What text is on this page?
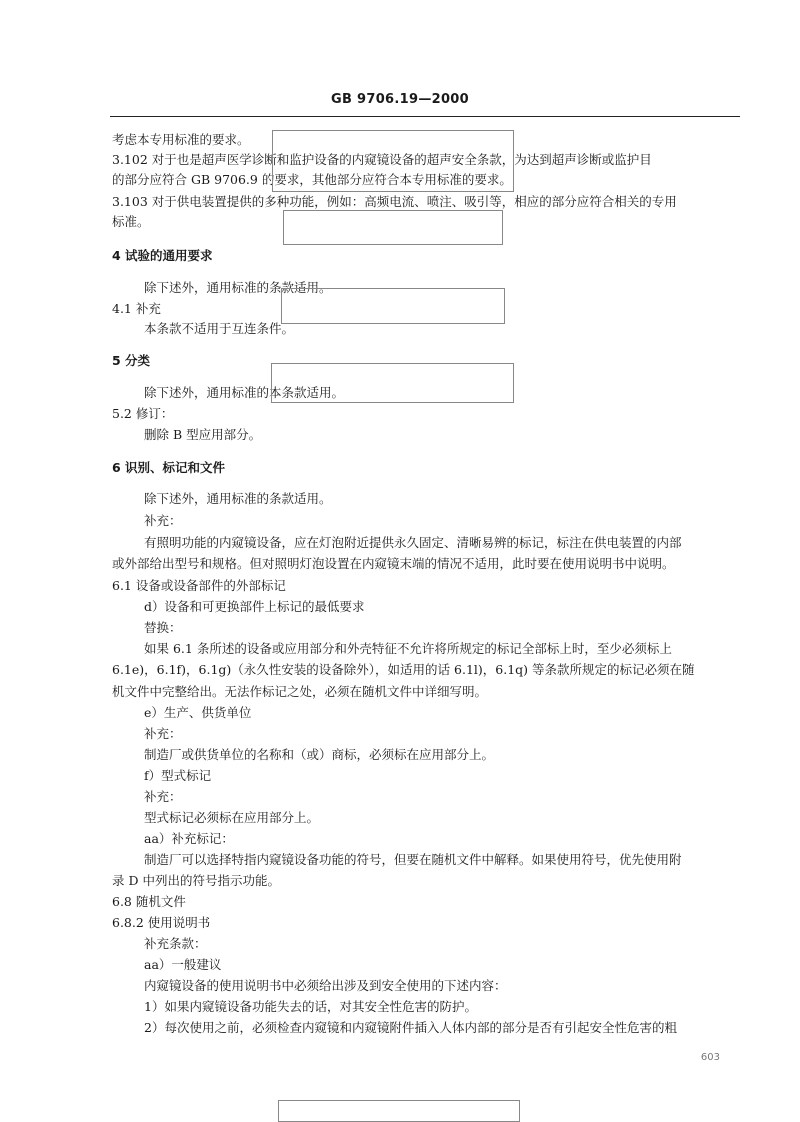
GB 9706.19—2000
考虑本专用标准的要求。
3.102 对于也是超声医学诊断和监护设备的内窥镜设备的超声安全条款，为达到超声诊断或监护目
的部分应符合 GB 9706.9 的要求，其他部分应符合本专用标准的要求。
3.103 对于供电装置提供的多种功能，例如：高频电流、喷注、吸引等，相应的部分应符合相关的专用
标准。
4 试验的通用要求
除下述外，通用标准的条款适用。
4.1 补充
本条款不适用于互连条件。
5 分类
除下述外，通用标准的本条款适用。
5.2 修订：
删除 B 型应用部分。
6 识别、标记和文件
除下述外，通用标准的条款适用。
补充：
有照明功能的内窥镜设备，应在灯泡附近提供永久固定、清晰易辨的标记，标注在供电装置的内部
或外部给出型号和规格。但对照明灯泡设置在内窥镜末端的情况不适用，此时要在使用说明书中说明。
6.1 设备或设备部件的外部标记
d）设备和可更换部件上标记的最低要求
替换：
如果 6.1 条所述的设备或应用部分和外壳特征不允许将所规定的标记全部标上时，至少必须标上
6.1e)，6.1f)，6.1g)（永久性安装的设备除外），如适用的话 6.1l)，6.1q) 等条款所规定的标记必须在随
机文件中完整给出。无法作标记之处，必须在随机文件中详细写明。
e）生产、供货单位
补充：
制造厂或供货单位的名称和（或）商标，必须标在应用部分上。
f）型式标记
补充：
型式标记必须标在应用部分上。
aa）补充标记：
制造厂可以选择特指内窥镜设备功能的符号，但要在随机文件中解释。如果使用符号，优先使用附
录 D 中列出的符号指示功能。
6.8 随机文件
6.8.2 使用说明书
补充条款：
aa）一般建议
内窥镜设备的使用说明书中必须给出涉及到安全使用的下述内容：
1）如果内窥镜设备功能失去的话，对其安全性危害的防护。
2）每次使用之前，必须检查内窥镜和内窥镜附件插入人体内部的部分是否有引起安全性危害的粗
603
